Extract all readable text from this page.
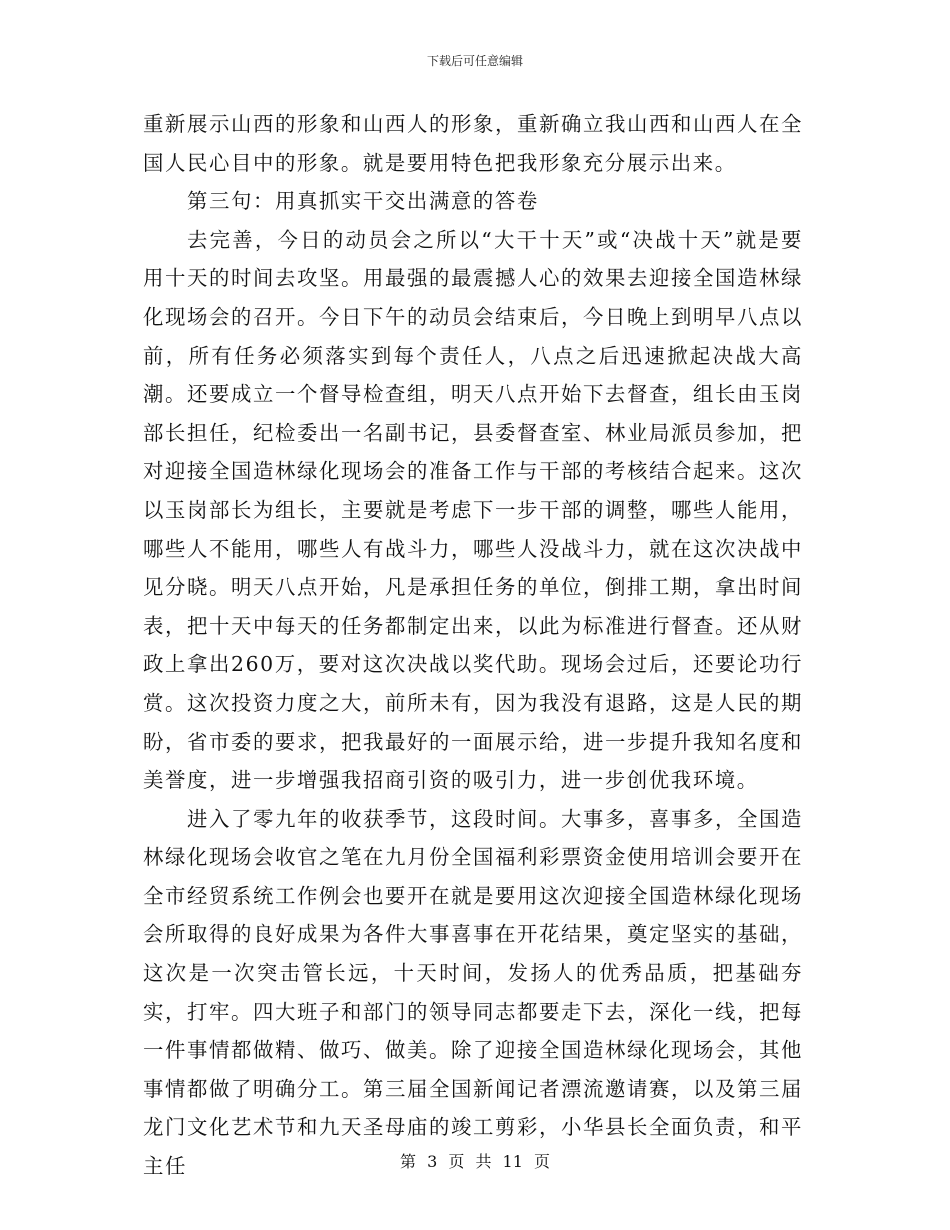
下载后可任意编辑

重新展示山西的形象和山西人的形象，重新确立我山西和山西人在全国人民心目中的形象。就是要用特色把我形象充分展示出来。

第三句：用真抓实干交出满意的答卷

去完善，今日的动员会之所以“大干十天”或“决战十天”就是要用十天的时间去攻坚。用最强的最震撼人心的效果去迎接全国造林绿化现场会的召开。今日下午的动员会结束后，今日晚上到明早八点以前，所有任务必须落实到每个责任人，八点之后迅速掀起决战大高潮。还要成立一个督导检查组，明天八点开始下去督查，组长由玉岗部长担任，纪检委出一名副书记，县委督查室、林业局派员参加，把对迎接全国造林绿化现场会的准备工作与干部的考核结合起来。这次以玉岗部长为组长，主要就是考虑下一步干部的调整，哪些人能用，哪些人不能用，哪些人有战斗力，哪些人没战斗力，就在这次决战中见分晓。明天八点开始，凡是承担任务的单位，倒排工期，拿出时间表，把十天中每天的任务都制定出来，以此为标准进行督查。还从财政上拿出260万，要对这次决战以奖代助。现场会过后，还要论功行赏。这次投资力度之大，前所未有，因为我没有退路，这是人民的期盼，省市委的要求，把我最好的一面展示给，进一步提升我知名度和美誉度，进一步增强我招商引资的吸引力，进一步创优我环境。

进入了零九年的收获季节，这段时间。大事多，喜事多，全国造林绿化现场会收官之笔在九月份全国福利彩票资金使用培训会要开在全市经贸系统工作例会也要开在就是要用这次迎接全国造林绿化现场会所取得的良好成果为各件大事喜事在开花结果，奠定坚实的基础，这次是一次突击管长远，十天时间，发扬人的优秀品质，把基础夯实，打牢。四大班子和部门的领导同志都要走下去，深化一线，把每一件事情都做精、做巧、做美。除了迎接全国造林绿化现场会，其他事情都做了明确分工。第三届全国新闻记者漂流邀请赛，以及第三届龙门文化艺术节和九天圣母庙的竣工剪彩，小华县长全面负责，和平主任	第 3 页 共 11 页
